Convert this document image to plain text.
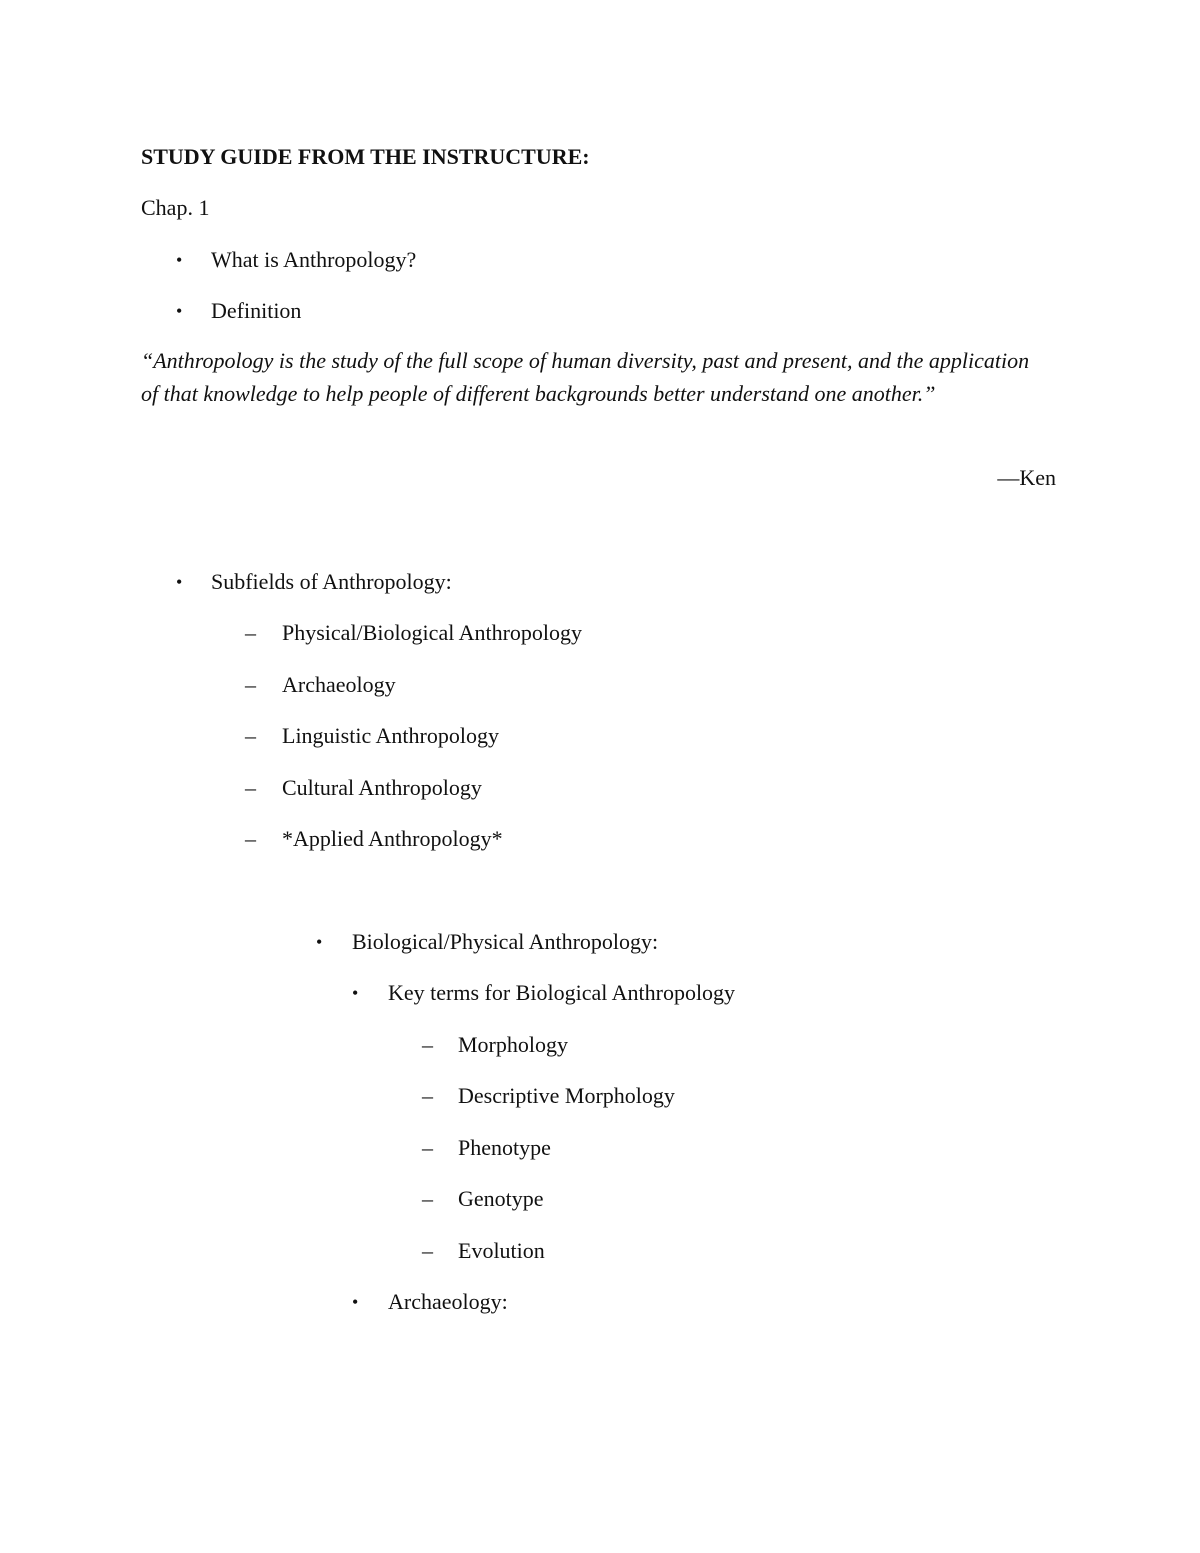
STUDY GUIDE FROM THE INSTRUCTURE:
Chap. 1
• What is Anthropology?
• Definition
“Anthropology is the study of the full scope of human diversity, past and present, and the application of that knowledge to help people of different backgrounds better understand one another.”
—Ken
• Subfields of Anthropology:
– Physical/Biological Anthropology
– Archaeology
– Linguistic Anthropology
– Cultural Anthropology
– *Applied Anthropology*
• Biological/Physical Anthropology:
• Key terms for Biological Anthropology
– Morphology
– Descriptive Morphology
– Phenotype
– Genotype
– Evolution
• Archaeology:
